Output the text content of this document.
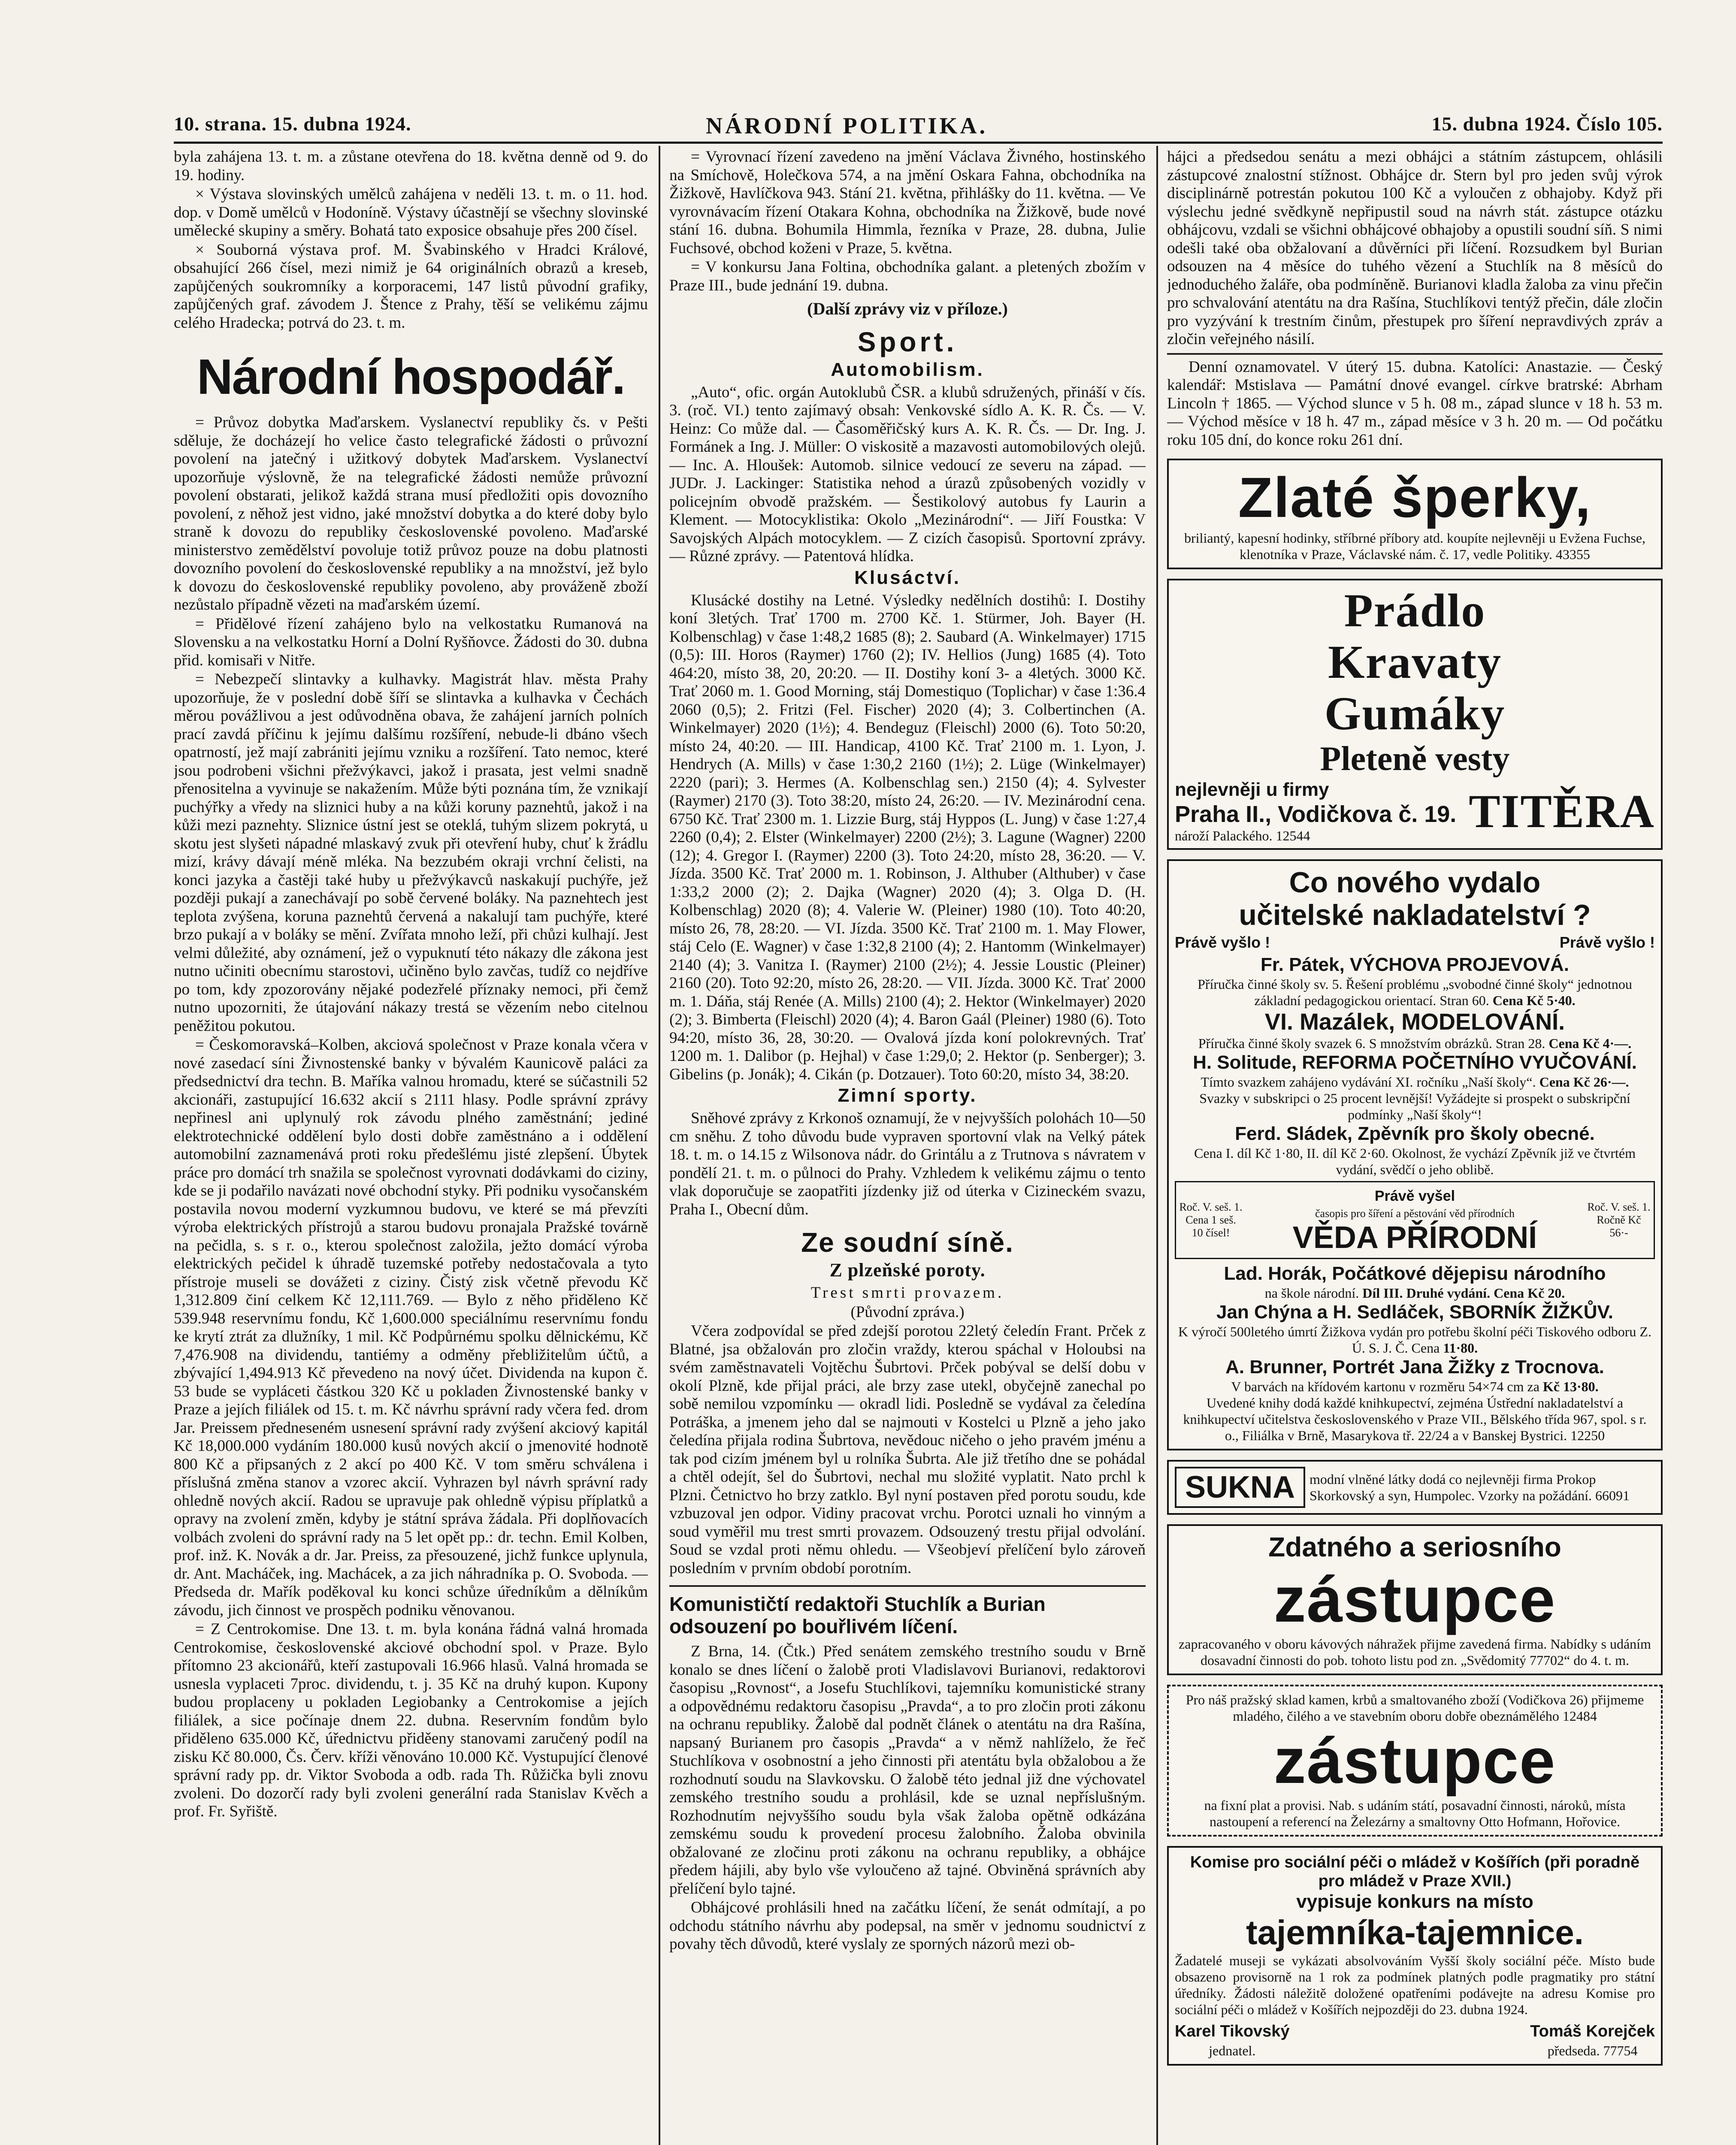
10. strana. 15. dubna 1924.	NÁRODNÍ POLITIKA.	15. dubna 1924. Číslo 105.

byla zahájena 13. t. m. a zůstane otevřena do 18. května denně od 9. do 19. hodiny.

× Výstava slovinských umělců zahájena v neděli 13. t. m. o 11. hod. dop. v Domě umělců v Hodoníně. Výstavy účastnějí se všechny slovinské umělecké skupiny a směry. Bohatá tato exposice obsahuje přes 200 čísel.

× Souborná výstava prof. M. Švabinského v Hradci Králové, obsahující 266 čísel, mezi nimiž je 64 originálních obrazů a kreseb, zapůjčených soukromníky a korporacemi, 147 listů původní grafiky, zapůjčených graf. závodem J. Štence z Prahy, těší se velikému zájmu celého Hradecka; potrvá do 23. t. m.

Národní hospodář.

= Průvoz dobytka Maďarskem. Vyslanectví republiky čs. v Pešti sděluje, že docházejí ho velice často telegrafické žádosti o průvozní povolení na jatečný i užitkový dobytek Maďarskem. Vyslanectví upozorňuje výslovně, že na telegrafické žádosti nemůže průvozní povolení obstarati, jelikož každá strana musí předložiti opis dovozního povolení, z něhož jest vidno, jaké množství dobytka a do které doby bylo straně k dovozu do republiky československé povoleno. Maďarské ministerstvo zemědělství povoluje totiž průvoz pouze na dobu platnosti dovozního povolení do československé republiky a na množství, jež bylo k dovozu do československé republiky povoleno, aby prováženě zboží nezůstalo případně vězeti na maďarském území.

= Přidělové řízení zahájeno bylo na velkostatku Rumanová na Slovensku a na velkostatku Horní a Dolní Ryšňovce. Žádosti do 30. dubna přid. komisaři v Nitře.

= Nebezpečí slintavky a kulhavky. Magistrát hlav. města Prahy upozorňuje, že v poslední době šíří se slintavka a kulhavka v Čechách měrou povážlivou a jest odůvodněna obava, že zahájení jarních polních prací zavdá příčinu k jejímu dalšímu rozšíření, nebude-li dbáno všech opatrností, jež mají zabrániti jejímu vzniku a rozšíření. Tato nemoc, které jsou podrobeni všichni přežvýkavci, jakož i prasata, jest velmi snadně přenositelna a vyvinuje se nakažením. Může býti poznána tím, že vznikají puchýřky a vředy na sliznici huby a na kůži koruny paznehtů, jakož i na kůži mezi paznehty. Sliznice ústní jest se oteklá, tuhým slizem pokrytá, u skotu jest slyšeti nápadné mlaskavý zvuk při otevření huby, chuť k žrádlu mizí, krávy dávají méně mléka. Na bezzubém okraji vrchní čelisti, na konci jazyka a častěji také huby u přežvýkavců naskakují puchýře, jež později pukají a zanechávají po sobě červené boláky. Na paznehtech jest teplota zvýšena, koruna paznehtů červená a nakalují tam puchýře, které brzo pukají a v boláky se mění. Zvířata mnoho leží, při chůzi kulhají. Jest velmi důležité, aby oznámení, jež o vypuknutí této nákazy dle zákona jest nutno učiniti obecnímu starostovi, učiněno bylo zavčas, tudíž co nejdříve po tom, kdy zpozorovány nějaké podezřelé příznaky nemoci, při čemž nutno upozorniti, že útajování nákazy trestá se vězením nebo citelnou peněžitou pokutou.

= Českomoravská–Kolben, akciová společnost v Praze konala včera v nové zasedací síni Živnostenské banky v bývalém Kaunicově paláci za předsednictví dra techn. B. Maříka valnou hromadu, které se súčastnili 52 akcionáři, zastupující 16.632 akcií s 2111 hlasy. Podle správní zprávy nepřinesl ani uplynulý rok závodu plného zaměstnání; jediné elektrotechnické oddělení bylo dosti dobře zaměstnáno a i oddělení automobilní zaznamenává proti roku předešlému jisté zlepšení. Úbytek práce pro domácí trh snažila se společnost vyrovnati dodávkami do ciziny, kde se ji podařilo navázati nové obchodní styky. Při podniku vysočanském postavila novou moderní vyzkumnou budovu, ve které se má převzíti výroba elektrických přístrojů a starou budovu pronajala Pražské továrně na pečidla, s. s r. o., kterou společnost založila, ježto domácí výroba elektrických pečidel k úhradě tuzemské potřeby nedostačovala a tyto přístroje museli se dovážeti z ciziny. Čistý zisk včetně převodu Kč 1,312.809 činí celkem Kč 12,111.769. — Bylo z něho přiděleno Kč 539.948 reservnímu fondu, Kč 1,600.000 speciálnímu reservnímu fondu ke krytí ztrát za dlužníky, 1 mil. Kč Podpůrnému spolku dělnickému, Kč 7,476.908 na dividendu, tantiémy a odměny přebližitelům účtů, a zbývající 1,494.913 Kč převedeno na nový účet. Dividenda na kupon č. 53 bude se vypláceti částkou 320 Kč u pokladen Živnostenské banky v Praze a jejích filiálek od 15. t. m. Kč návrhu správní rady včera fed. drom Jar. Preissem předneseném usnesení správní rady zvýšení akciový kapitál Kč 18,000.000 vydáním 180.000 kusů nových akcií o jmenovité hodnotě 800 Kč a připsaných z 2 akcí po 400 Kč. V tom směru schválena i příslušná změna stanov a vzorec akcií. Vyhrazen byl návrh správní rady ohledně nových akcií. Radou se upravuje pak ohledně výpisu příplatků a opravy na zvolení změn, kdyby je státní správa žádala. Při doplňovacích volbách zvoleni do správní rady na 5 let opět pp.: dr. techn. Emil Kolben, prof. inž. K. Novák a dr. Jar. Preiss, za přesouzené, jichž funkce uplynula, dr. Ant. Macháček, ing. Machácek, a za jich náhradníka p. O. Svoboda. — Předseda dr. Mařík poděkoval ku konci schůze úředníkům a dělníkům závodu, jich činnost ve prospěch podniku věnovanou.

= Z Centrokomise. Dne 13. t. m. byla konána řádná valná hromada Centrokomise, československé akciové obchodní spol. v Praze. Bylo přítomno 23 akcionářů, kteří zastupovali 16.966 hlasů. Valná hromada se usnesla vyplaceti 7proc. dividendu, t. j. 35 Kč na druhý kupon. Kupony budou proplaceny u pokladen Legiobanky a Centrokomise a jejích filiálek, a sice počínaje dnem 22. dubna. Reservním fondům bylo přiděleno 635.000 Kč, úřednictvu přiděeny stanovami zaručený podíl na zisku Kč 80.000, Čs. Červ. kříži věnováno 10.000 Kč. Vystupující členové správní rady pp. dr. Viktor Svoboda a odb. rada Th. Růžička byli znovu zvoleni. Do dozorčí rady byli zvoleni generální rada Stanislav Kvěch a prof. Fr. Syřiště.

= Vyrovnací řízení zavedeno na jmění Václava Živného, hostinského na Smíchově, Holečkova 574, a na jmění Oskara Fahna, obchodníka na Žižkově, Havlíčkova 943. Stání 21. května, přihlášky do 11. května. — Ve vyrovnávacím řízení Otakara Kohna, obchodníka na Žižkově, bude nové stání 16. dubna. Bohumila Himmla, řezníka v Praze, 28. dubna, Julie Fuchsové, obchod koženi v Praze, 5. května.

= V konkursu Jana Foltina, obchodníka galant. a pletených zbožím v Praze III., bude jednání 19. dubna.

(Další zprávy viz v příloze.)
Sport.
Automobilism.

„Auto“, ofic. orgán Autoklubů ČSR. a klubů sdružených, přináší v čís. 3. (roč. VI.) tento zajímavý obsah: Venkovské sídlo A. K. R. Čs. — V. Heinz: Co může dal. — Časoměřičský kurs A. K. R. Čs. — Dr. Ing. J. Formánek a Ing. J. Müller: O viskositě a mazavosti automobilových olejů. — Inc. A. Hloušek: Automob. silnice vedoucí ze severu na západ. — JUDr. J. Lackinger: Statistika nehod a úrazů způsobených vozidly v policejním obvodě pražském. — Šestikolový autobus fy Laurin a Klement. — Motocyklistika: Okolo „Mezinárodní“. — Jiří Foustka: V Savojských Alpách motocyklem. — Z cizích časopisů. Sportovní zprávy. — Různé zprávy. — Patentová hlídka.

Klusáctví.

Klusácké dostihy na Letné. Výsledky nedělních dostihů: I. Dostihy koní 3letých. Trať 1700 m. 2700 Kč. 1. Stürmer, Joh. Bayer (H. Kolbenschlag) v čase 1:48,2 1685 (8); 2. Saubard (A. Winkelmayer) 1715 (0,5): III. Horos (Raymer) 1760 (2); IV. Hellios (Jung) 1685 (4). Toto 464:20, místo 38, 20, 20:20. — II. Dostihy koní 3- a 4letých. 3000 Kč. Trať 2060 m. 1. Good Morning, stáj Domestiquo (Toplichar) v čase 1:36.4 2060 (0,5); 2. Fritzi (Fel. Fischer) 2020 (4); 3. Colbertinchen (A. Winkelmayer) 2020 (1½); 4. Bendeguz (Fleischl) 2000 (6). Toto 50:20, místo 24, 40:20. — III. Handicap, 4100 Kč. Trať 2100 m. 1. Lyon, J. Hendrych (A. Mills) v čase 1:30,2 2160 (1½); 2. Lüge (Winkelmayer) 2220 (pari); 3. Hermes (A. Kolbenschlag sen.) 2150 (4); 4. Sylvester (Raymer) 2170 (3). Toto 38:20, místo 24, 26:20. — IV. Mezinárodní cena. 6750 Kč. Trať 2300 m. 1. Lizzie Burg, stáj Hyppos (L. Jung) v čase 1:27,4 2260 (0,4); 2. Elster (Winkelmayer) 2200 (2½); 3. Lagune (Wagner) 2200 (12); 4. Gregor I. (Raymer) 2200 (3). Toto 24:20, místo 28, 36:20. — V. Jízda. 3500 Kč. Trať 2000 m. 1. Robinson, J. Althuber (Althuber) v čase 1:33,2 2000 (2); 2. Dajka (Wagner) 2020 (4); 3. Olga D. (H. Kolbenschlag) 2020 (8); 4. Valerie W. (Pleiner) 1980 (10). Toto 40:20, místo 26, 78, 28:20. — VI. Jízda. 3500 Kč. Trať 2100 m. 1. May Flower, stáj Celo (E. Wagner) v čase 1:32,8 2100 (4); 2. Hantomm (Winkelmayer) 2140 (4); 3. Vanitza I. (Raymer) 2100 (2½); 4. Jessie Loustic (Pleiner) 2160 (20). Toto 92:20, místo 26, 28:20. — VII. Jízda. 3000 Kč. Trať 2000 m. 1. Dáňa, stáj Renée (A. Mills) 2100 (4); 2. Hektor (Winkelmayer) 2020 (2); 3. Bimberta (Fleischl) 2020 (4); 4. Baron Gaál (Pleiner) 1980 (6). Toto 94:20, místo 36, 28, 30:20. — Ovalová jízda koní polokrevných. Trať 1200 m. 1. Dalibor (p. Hejhal) v čase 1:29,0; 2. Hektor (p. Senberger); 3. Gibelins (p. Jonák); 4. Cikán (p. Dotzauer). Toto 60:20, místo 34, 38:20.

Zimní sporty.

Sněhové zprávy z Krkonoš oznamují, že v nejvyšších polohách 10—50 cm sněhu. Z toho důvodu bude vypraven sportovní vlak na Velký pátek 18. t. m. o 14.15 z Wilsonova nádr. do Grintálu a z Trutnova s návratem v pondělí 21. t. m. o půlnoci do Prahy. Vzhledem k velikému zájmu o tento vlak doporučuje se zaopatřiti jízdenky již od úterka v Cizineckém svazu, Praha I., Obecní dům.

Ze soudní síně.
Z plzeňské poroty.

Trest smrti provazem.

(Původní zpráva.)

Včera zodpovídal se před zdejší porotou 22letý čeledín Frant. Prček z Blatné, jsa obžalován pro zločin vraždy, kterou spáchal v Holoubsi na svém zaměstnavateli Vojtěchu Šubrtovi. Prček pobýval se delší dobu v okolí Plzně, kde přijal práci, ale brzy zase utekl, obyčejně zanechal po sobě nemilou vzpomínku — okradl lidi. Posledně se vydával za čeledína Potráška, a jmenem jeho dal se najmouti v Kostelci u Plzně a jeho jako čeledína přijala rodina Šubrtova, nevědouc ničeho o jeho pravém jménu a tak pod cizím jménem byl u rolníka Šubrta. Ale již třetího dne se pohádal a chtěl odejít, šel do Šubrtovi, nechal mu složité vyplatit. Nato prchl k Plzni. Četnictvo ho brzy zatklo. Byl nyní postaven před porotu soudu, kde vzbuzoval jen odpor. Vidiny pracovat vrchu. Porotci uznali ho vinným a soud vyměřil mu trest smrti provazem. Odsouzený trestu přijal odvolání. Soud se vzdal proti němu ohledu. — Všeobjeví přelíčení bylo zároveň posledním v prvním období porotním.

Komunističtí redaktoři Stuchlík a Burian odsouzení po bouřlivém líčení.

Z Brna, 14. (Čtk.) Před senátem zemského trestního soudu v Brně konalo se dnes líčení o žalobě proti Vladislavovi Burianovi, redaktorovi časopisu „Rovnost“, a Josefu Stuchlíkovi, tajemníku komunistické strany a odpovědnému redaktoru časopisu „Pravda“, a to pro zločin proti zákonu na ochranu republiky. Žalobě dal podnět článek o atentátu na dra Rašína, napsaný Burianem pro časopis „Pravda“ a v němž nahlíželo, že řeč Stuchlíkova v osobnostní a jeho činnosti při atentátu byla obžalobou a že rozhodnutí soudu na Slavkovsku. O žalobě této jednal již dne výchovatel zemského trestního soudu a prohlásil, kde se uznal nepříslušným. Rozhodnutím nejvyššího soudu byla však žaloba opětně odkázána zemskému soudu k provedení procesu žalobního. Žaloba obvinila obžalované ze zločinu proti zákonu na ochranu republiky, a obhájce předem hájili, aby bylo vše vyloučeno až tajné. Obviněná správních aby přelíčení bylo tajné.

Obhájcové prohlásili hned na začátku líčení, že senát odmítají, a po odchodu státního návrhu aby podepsal, na směr v jednomu soudnictví z povahy těch důvodů, které vyslaly ze sporných názorů mezi ob-

hájci a předsedou senátu a mezi obhájci a státním zástupcem, ohlásili zástupcové znalostní stížnost. Obhájce dr. Stern byl pro jeden svůj výrok disciplinárně potrestán pokutou 100 Kč a vyloučen z obhajoby. Když při výslechu jedné svědkyně nepřipustil soud na návrh stát. zástupce otázku obhájcovu, vzdali se všichni obhájcové obhajoby a opustili soudní síň. S nimi odešli také oba obžalovaní a důvěrníci při líčení. Rozsudkem byl Burian odsouzen na 4 měsíce do tuhého vězení a Stuchlík na 8 měsíců do jednoduchého žaláře, oba podmíněně. Burianovi kladla žaloba za vinu přečin pro schvalování atentátu na dra Rašína, Stuchlíkovi tentýž přečin, dále zločin pro vyzývání k trestním činům, přestupek pro šíření nepravdivých zpráv a zločin veřejného násilí.

Denní oznamovatel. V úterý 15. dubna. Katolíci: Anastazie. — Český kalendář: Mstislava — Památní dnové evangel. církve bratrské: Abrham Lincoln † 1865. — Východ slunce v 5 h. 08 m., západ slunce v 18 h. 53 m. — Východ měsíce v 18 h. 47 m., západ měsíce v 3 h. 20 m. — Od počátku roku 105 dní, do konce roku 261 dní.

Zlaté šperky,
briliantý, kapesní hodinky, stříbrné příbory atd. koupíte nejlevněji u Evžena Fuchse, klenotníka v Praze, Václavské nám. č. 17, vedle Politiky. 43355
Prádlo
Kravaty
Gumáky
Pleteně vesty
nejlevněji u firmy
Praha II., Vodičkova č. 19.
nároží Palackého. 12544	TITĚRA
Co nového vydalo
učitelské nakladatelství ?
Právě vyšlo !	Právě vyšlo !
Fr. Pátek, VÝCHOVA PROJEVOVÁ.
Příručka činné školy sv. 5. Řešení problému „svobodné činné školy“ jednotnou základní pedagogickou orientací. Stran 60. Cena Kč 5·40.
VI. Mazálek, MODELOVÁNÍ.
Příručka činné školy svazek 6. S množstvím obrázků. Stran 28. Cena Kč 4·—.
H. Solitude, REFORMA POČETNÍHO VYUČOVÁNÍ.
Tímto svazkem zahájeno vydávání XI. ročníku „Naší školy“. Cena Kč 26·—.
Svazky v subskripci o 25 procent levnější! Vyžádejte si prospekt o subskripční podmínky „Naší školy“!
Ferd. Sládek, Zpěvník pro školy obecné.
Cena I. díl Kč 1·80, II. díl Kč 2·60. Okolnost, že vychází Zpěvník již ve čtvrtém vydání, svědčí o jeho oblibě.
Roč. V. seš. 1. Cena 1 seš. 10 čísel!
Právě vyšel
časopis pro šíření a pěstování věd přírodních
VĚDA PŘÍRODNÍ
Roč. V. seš. 1. Ročně Kč 56·-
Lad. Horák, Počátkové dějepisu národního
na škole národní. Díl III. Druhé vydání. Cena Kč 20.
Jan Chýna a H. Sedláček, SBORNÍK ŽIŽKŮV.
K výročí 500letého úmrtí Žižkova vydán pro potřebu školní péči Tiskového odboru Z. Ú. S. J. Č. Cena 11·80.
A. Brunner, Portrét Jana Žižky z Trocnova.
V barvách na křídovém kartonu v rozměru 54×74 cm za Kč 13·80.
Uvedené knihy dodá každé knihkupectví, zejména Ústřední nakladatelství a knihkupectví učitelstva československého v Praze VII., Bělského třída 967, spol. s r. o., Filiálka v Brně, Masarykova tř. 22/24 a v Banskej Bystrici. 12250
SUKNA	modní vlněné látky dodá co nejlevněji firma Prokop Skorkovský a syn, Humpolec. Vzorky na požádání. 66091
Zdatného a seriosního
zástupce
zapracovaného v oboru kávových náhražek přijme zavedená firma. Nabídky s udáním dosavadní činnosti do pob. tohoto listu pod zn. „Svědomitý 77702“ do 4. t. m.
Pro náš pražský sklad kamen, krbů a smaltovaného zboží (Vodičkova 26) přijmeme mladého, čilého a ve stavebním oboru dobře obeznámělého 12484
zástupce
na fixní plat a provisi. Nab. s udáním státí, posavadní činnosti, nároků, místa nastoupení a referencí na Železárny a smaltovny Otto Hofmann, Hořovice.
Komise pro sociální péči o mládež v Košířích (při poradně pro mládež v Praze XVII.)
vypisuje konkurs na místo
tajemníka-tajemnice.
Žadatelé museji se vykázati absolvováním Vyšší školy sociální péče. Místo bude obsazeno provisorně na 1 rok za podmínek platných podle pragmatiky pro státní úředníky. Žádosti náležitě doložené opatřeními podávejte na adresu Komise pro sociální péči o mládež v Košířích nejpozději do 23. dubna 1924.
Karel Tikovský
jednatel.
Tomáš Korejček
předseda. 77754
